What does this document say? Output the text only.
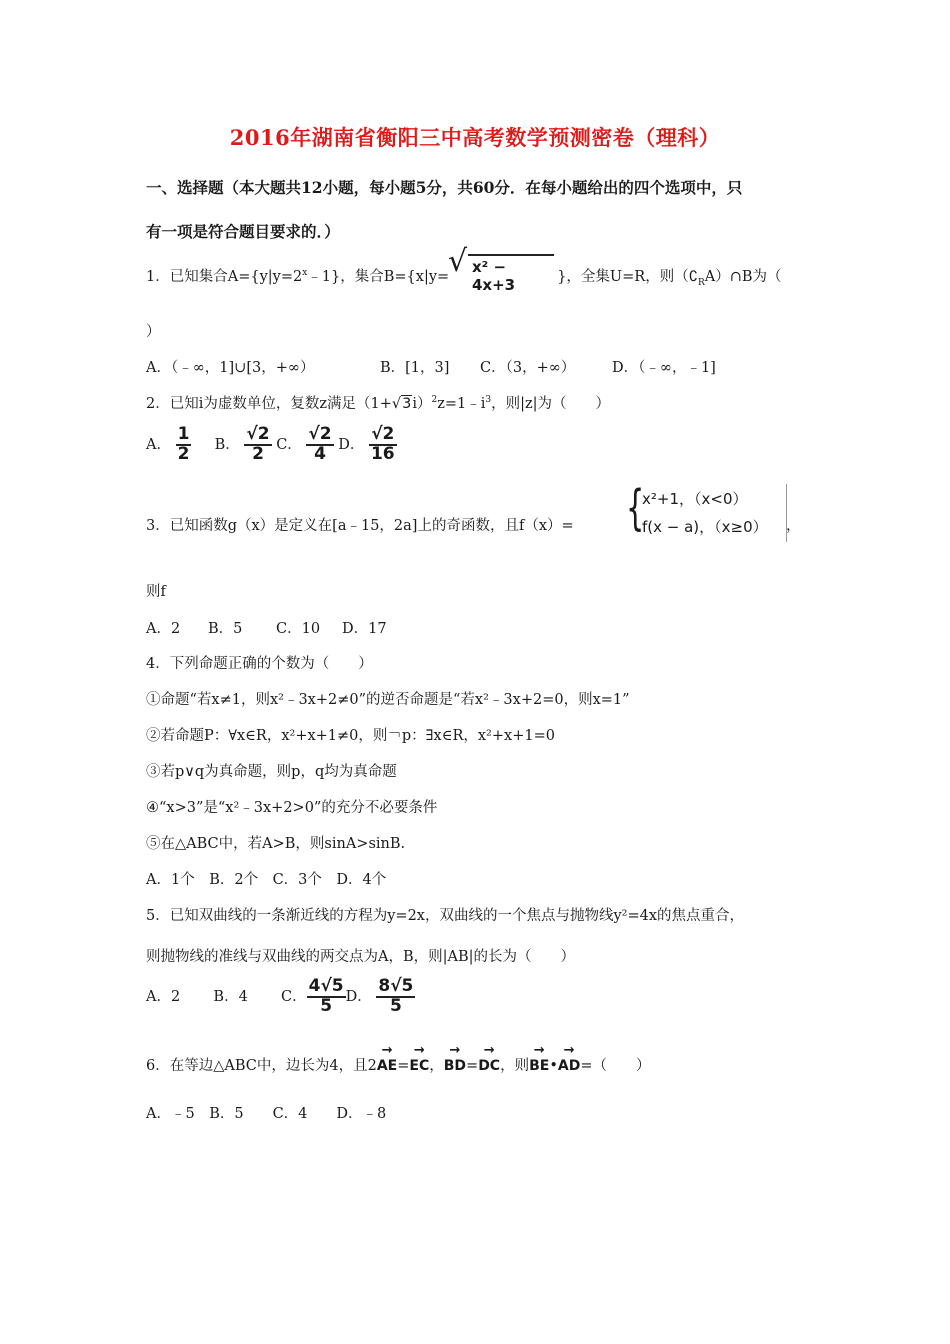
2016年湖南省衡阳三中高考数学预测密卷（理科）
一、选择题（本大题共12小题，每小题5分，共60分．在每小题给出的四个选项中，只
有一项是符合题目要求的．）
1．已知集合$A=\{y|y=2^x﹣1\}$，集合B={x|y=	}，全集U=R，则$(∁_RA)\cap B$为（
√ x² − 4x+3
）
A．（﹣∞，1]∪[3，+∞）	B．[1，3] C．（3，+∞）	D．（﹣∞，﹣1]
2．已知i为虚数单位，复数z满足$(1+√3i)^2z=1﹣i^3$，则|z|为（　　）
A． $\frac{1}{2}$ B． $\frac{√2}{2}$ C． $\frac{√2}{4}$ D． $\frac{√2}{16}$
3．已知函数g（x）是定义在[a﹣15，2a]上的奇函数，且f（x）= {
x²+1，（x<0）
f(x − a)，（x≥0） ，
则f
A．2 B．5 C．10 D．17
4．下列命题正确的个数为（　　）
①命题“若x≠1，则x²﹣3x+2≠0”的逆否命题是“若x²﹣3x+2=0，则x=1”
②若命题P：∀x∈R，x²+x+1≠0，则￢p：∃x∈R，x²+x+1=0
③若p∨q为真命题，则p，q均为真命题
④“x>3”是“x²﹣3x+2>0”的充分不必要条件
⑤在△ABC中，若A>B，则sinA>sinB.
A．1个　B．2个　C．3个　D．4个
5．已知双曲线的一条渐近线的方程为y=2x，双曲线的一个焦点与抛物线y²=4x的焦点重合，
则抛物线的准线与双曲线的两交点为A，B，则|AB|的长为（　　）
A．2 B．4 C． $\frac{4√5}{5}$ D． $\frac{8√5}{5}$
6．在等边△ABC中，边长为4，且2→ AE=→ EC，→ BD=→ DC，则→ BE•→ AD=（　　）
A．﹣5　B．5　　C．4　　D．﹣8
